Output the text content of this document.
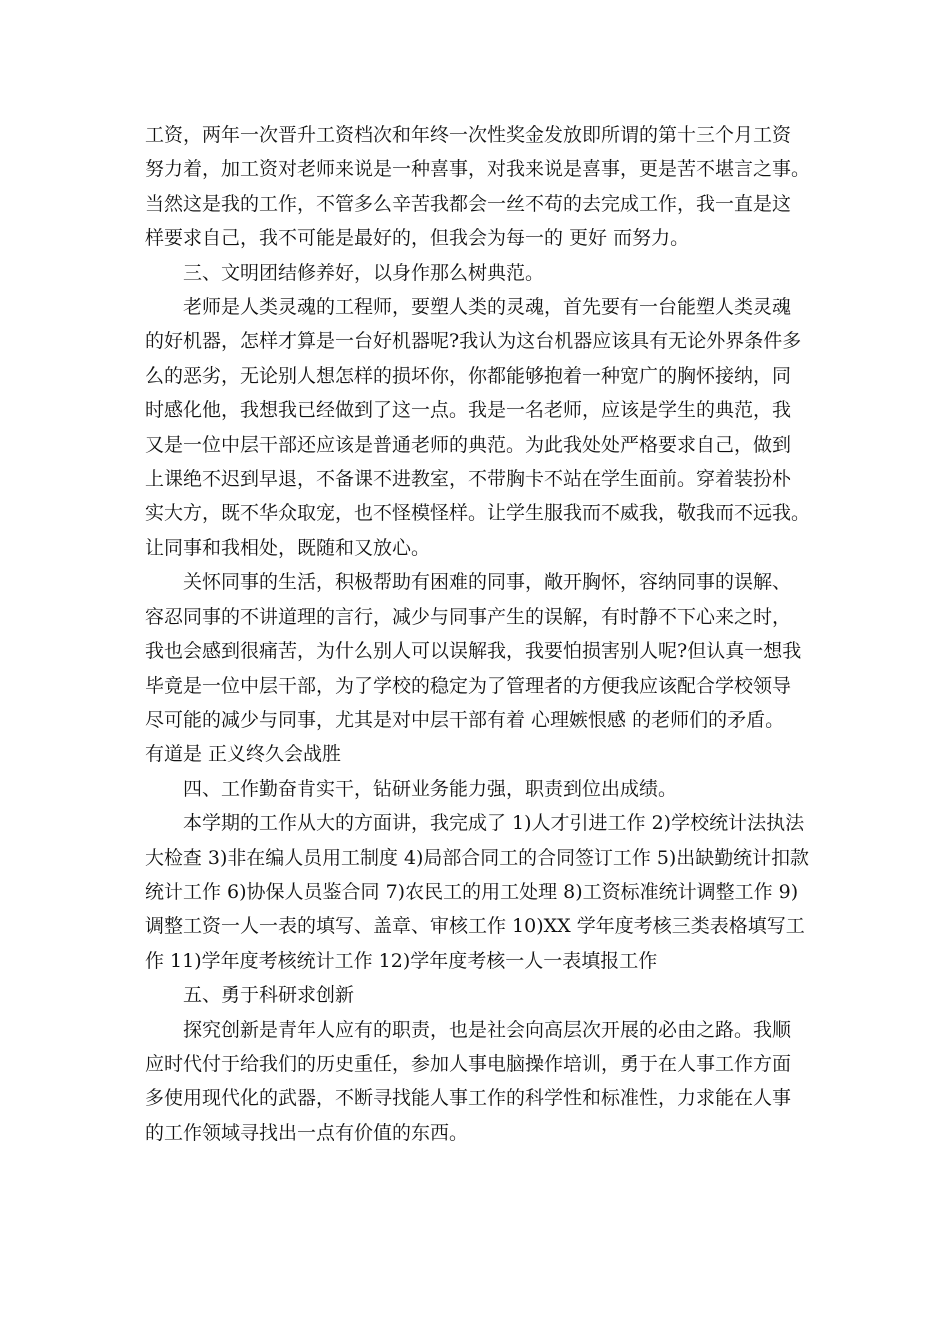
工资，两年一次晋升工资档次和年终一次性奖金发放即所谓的第十三个月工资
努力着，加工资对老师来说是一种喜事，对我来说是喜事，更是苦不堪言之事。
当然这是我的工作，不管多么辛苦我都会一丝不苟的去完成工作，我一直是这
样要求自己，我不可能是最好的，但我会为每一的 更好 而努力。
三、文明团结修养好，以身作那么树典范。
老师是人类灵魂的工程师，要塑人类的灵魂，首先要有一台能塑人类灵魂
的好机器，怎样才算是一台好机器呢?我认为这台机器应该具有无论外界条件多
么的恶劣，无论别人想怎样的损坏你，你都能够抱着一种宽广的胸怀接纳，同
时感化他，我想我已经做到了这一点。我是一名老师，应该是学生的典范，我
又是一位中层干部还应该是普通老师的典范。为此我处处严格要求自己，做到
上课绝不迟到早退，不备课不进教室，不带胸卡不站在学生面前。穿着装扮朴
实大方，既不华众取宠，也不怪模怪样。让学生服我而不威我，敬我而不远我。
让同事和我相处，既随和又放心。
关怀同事的生活，积极帮助有困难的同事，敞开胸怀，容纳同事的误解、
容忍同事的不讲道理的言行，减少与同事产生的误解，有时静不下心来之时，
我也会感到很痛苦，为什么别人可以误解我，我要怕损害别人呢?但认真一想我
毕竟是一位中层干部，为了学校的稳定为了管理者的方便我应该配合学校领导
尽可能的减少与同事，尤其是对中层干部有着 心理嫉恨感 的老师们的矛盾。
有道是 正义终久会战胜
四、工作勤奋肯实干，钻研业务能力强，职责到位出成绩。
本学期的工作从大的方面讲，我完成了 1)人才引进工作 2)学校统计法执法
大检查 3)非在编人员用工制度 4)局部合同工的合同签订工作 5)出缺勤统计扣款
统计工作 6)协保人员鉴合同 7)农民工的用工处理 8)工资标准统计调整工作 9)
调整工资一人一表的填写、盖章、审核工作 10)XX 学年度考核三类表格填写工
作 11)学年度考核统计工作 12)学年度考核一人一表填报工作
五、勇于科研求创新
探究创新是青年人应有的职责，也是社会向高层次开展的必由之路。我顺
应时代付于给我们的历史重任，参加人事电脑操作培训，勇于在人事工作方面
多使用现代化的武器，不断寻找能人事工作的科学性和标准性，力求能在人事
的工作领域寻找出一点有价值的东西。
